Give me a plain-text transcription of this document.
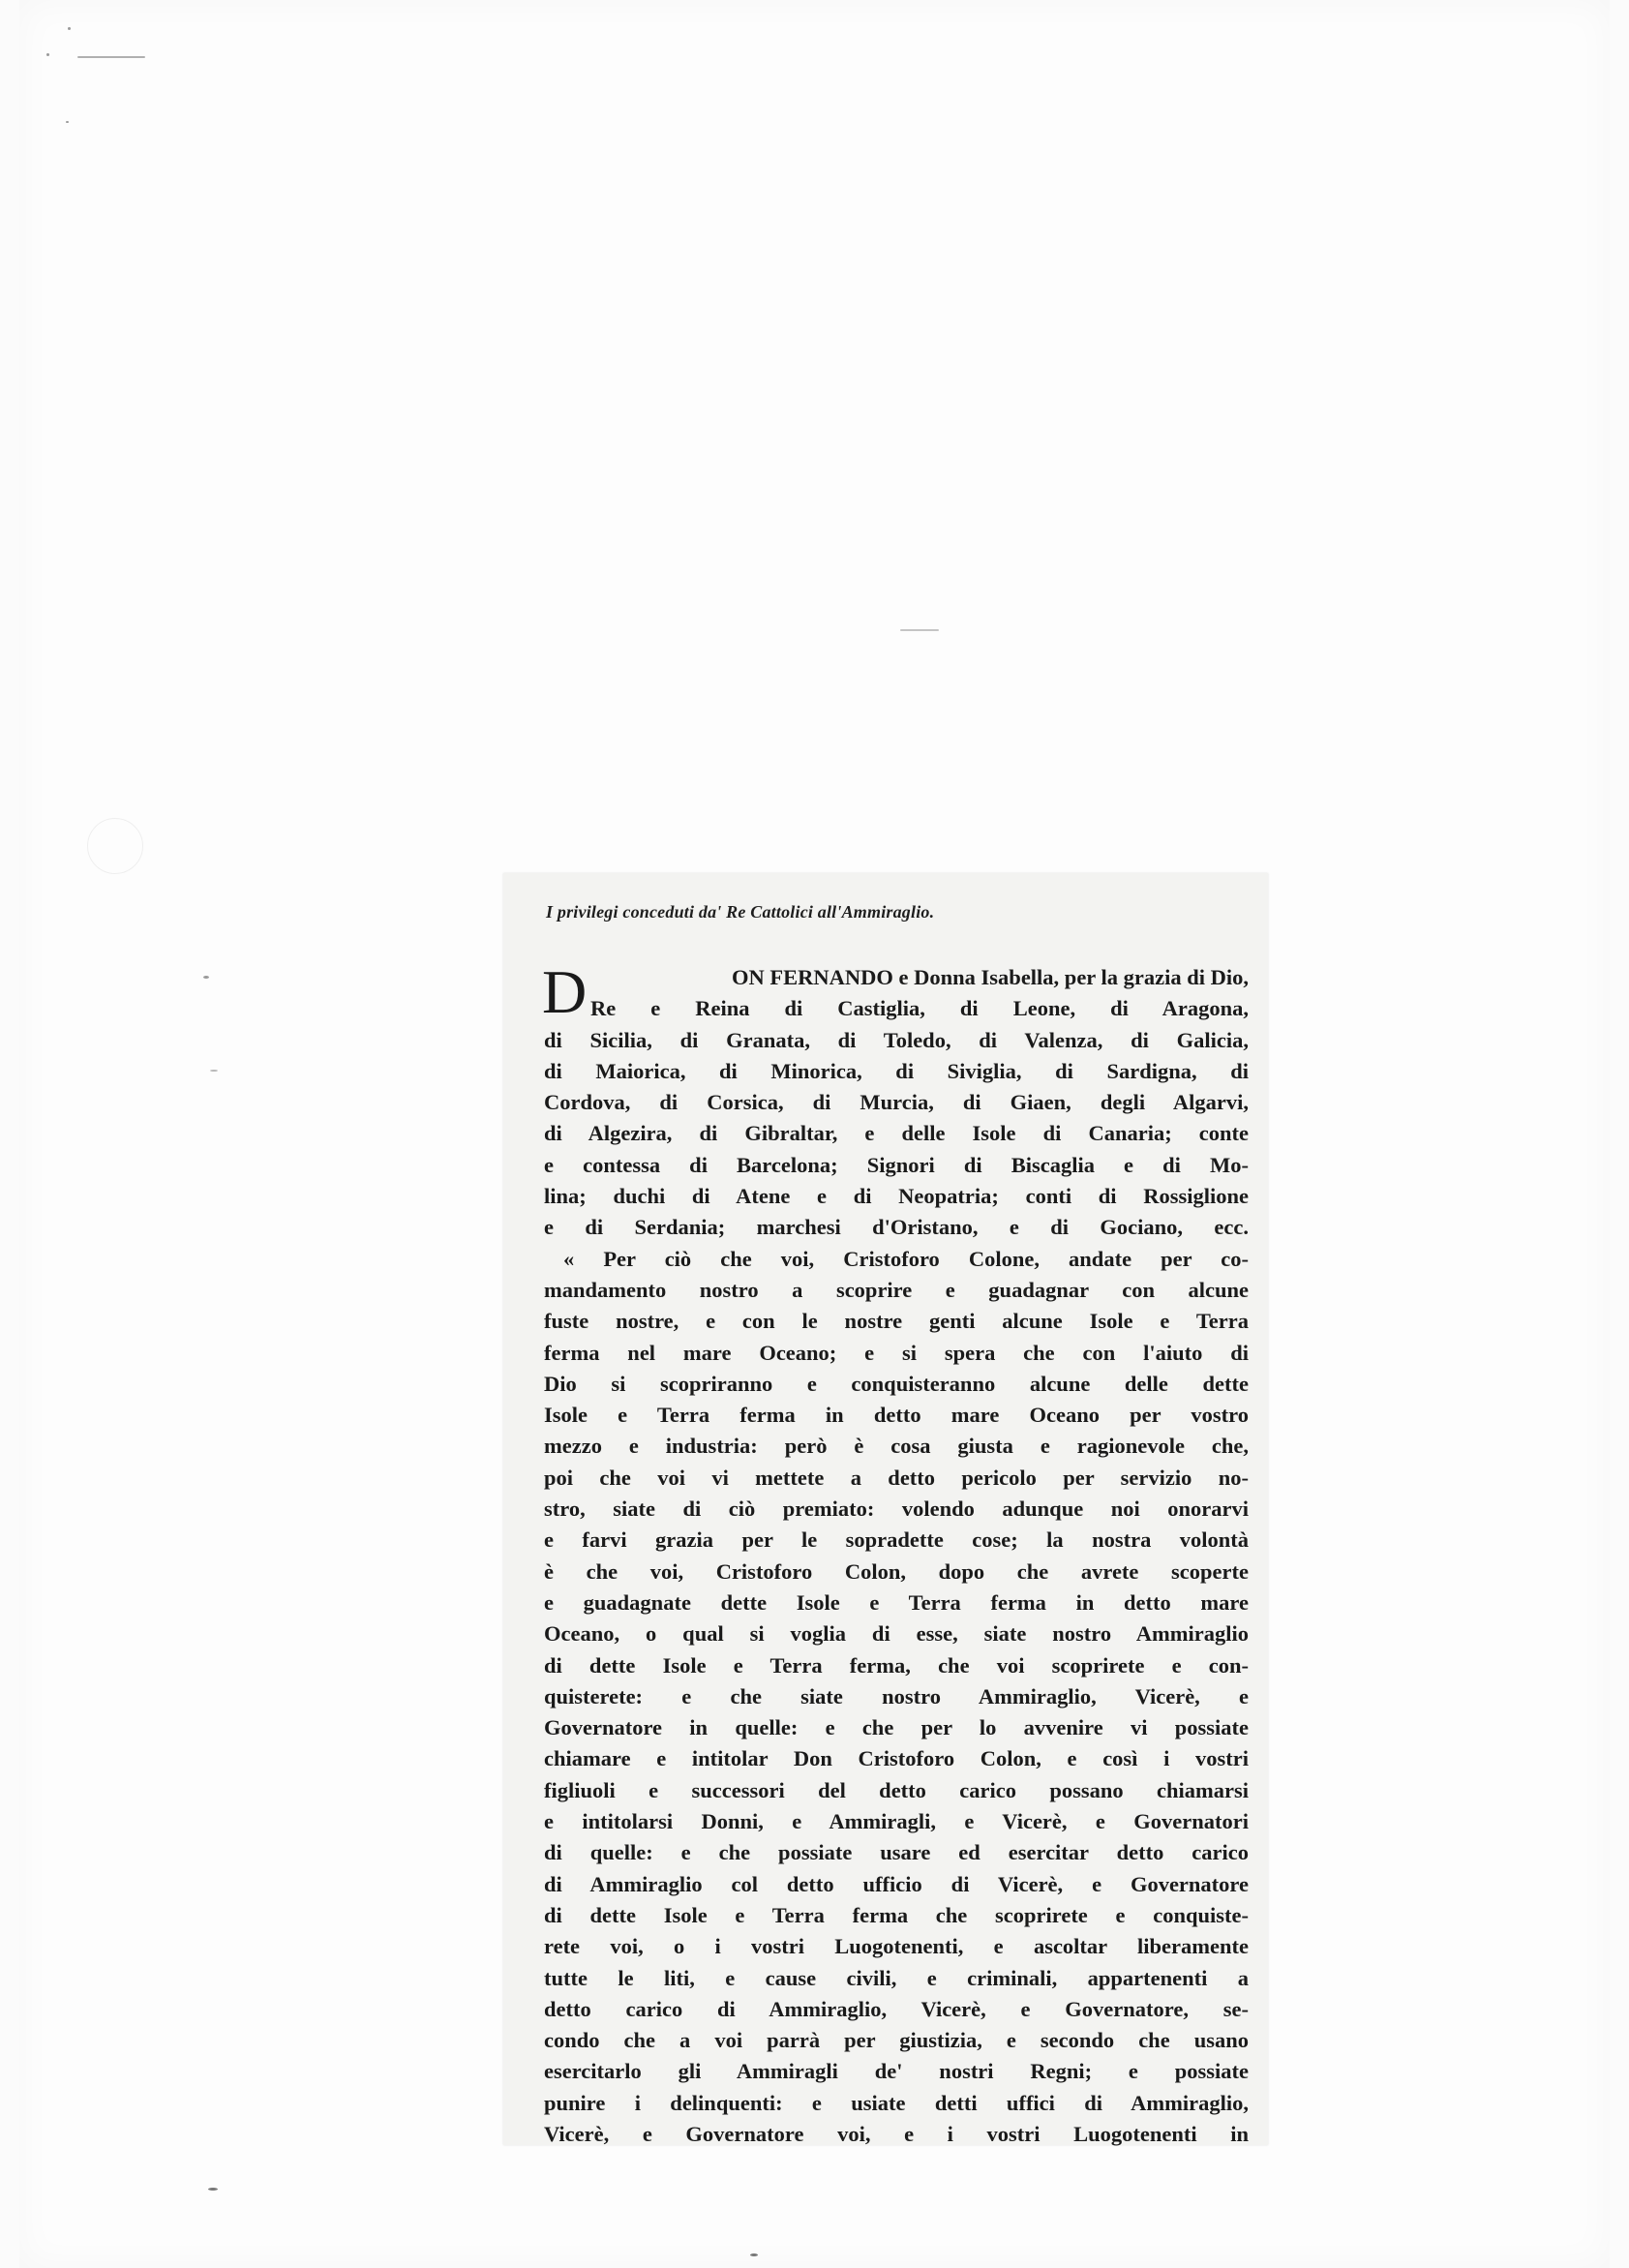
I privilegi conceduti da' Re Cattolici all'Ammiraglio.
D	ON FERNANDO e Donna Isabella, per la grazia di Dio,
Re e Reina di Castiglia, di Leone, di Aragona,
di Sicilia, di Granata, di Toledo, di Valenza, di Galicia,
di Maiorica, di Minorica, di Siviglia, di Sardigna, di
Cordova, di Corsica, di Murcia, di Giaen, degli Algarvi,
di Algezira, di Gibraltar, e delle Isole di Canaria; conte
e contessa di Barcelona; Signori di Biscaglia e di Mo-
lina; duchi di Atene e di Neopatria; conti di Rossiglione
e di Serdania; marchesi d'Oristano, e di Gociano, ecc.
« Per ciò che voi, Cristoforo Colone, andate per co-
mandamento nostro a scoprire e guadagnar con alcune
fuste nostre, e con le nostre genti alcune Isole e Terra
ferma nel mare Oceano; e si spera che con l'aiuto di
Dio si scopriranno e conquisteranno alcune delle dette
Isole e Terra ferma in detto mare Oceano per vostro
mezzo e industria: però è cosa giusta e ragionevole che,
poi che voi vi mettete a detto pericolo per servizio no-
stro, siate di ciò premiato: volendo adunque noi onorarvi
e farvi grazia per le sopradette cose; la nostra volontà
è che voi, Cristoforo Colon, dopo che avrete scoperte
e guadagnate dette Isole e Terra ferma in detto mare
Oceano, o qual si voglia di esse, siate nostro Ammiraglio
di dette Isole e Terra ferma, che voi scoprirete e con-
quisterete: e che siate nostro Ammiraglio, Vicerè, e
Governatore in quelle: e che per lo avvenire vi possiate
chiamare e intitolar Don Cristoforo Colon, e così i vostri
figliuoli e successori del detto carico possano chiamarsi
e intitolarsi Donni, e Ammiragli, e Vicerè, e Governatori
di quelle: e che possiate usare ed esercitar detto carico
di Ammiraglio col detto ufficio di Vicerè, e Governatore
di dette Isole e Terra ferma che scoprirete e conquiste-
rete voi, o i vostri Luogotenenti, e ascoltar liberamente
tutte le liti, e cause civili, e criminali, appartenenti a
detto carico di Ammiraglio, Vicerè, e Governatore, se-
condo che a voi parrà per giustizia, e secondo che usano
esercitarlo gli Ammiragli de' nostri Regni; e possiate
punire i delinquenti: e usiate detti uffici di Ammiraglio,
Vicerè, e Governatore voi, e i vostri Luogotenenti in
